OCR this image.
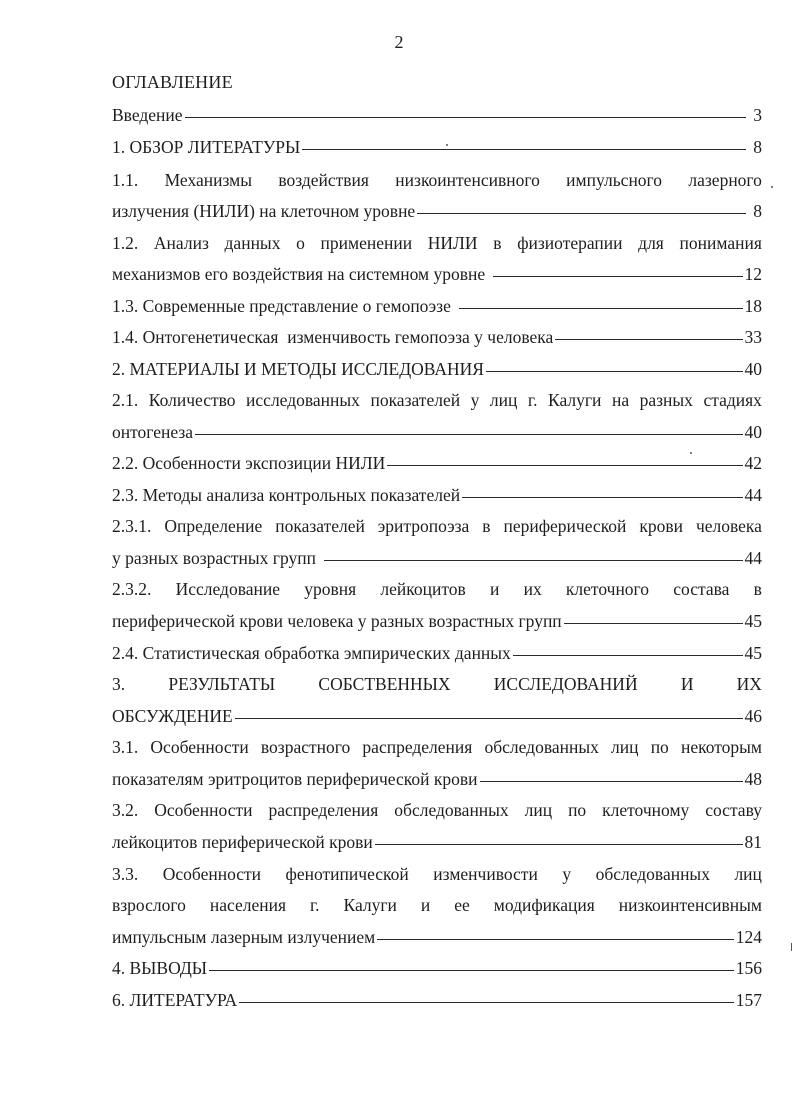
2
ОГЛАВЛЕНИЕ
Введение	3
1. ОБЗОР ЛИТЕРАТУРЫ	8
1.1. Механизмы воздействия низкоинтенсивного импульсного лазерного
излучения (НИЛИ) на клеточном уровне	8
1.2. Анализ данных о применении НИЛИ в физиотерапии для понимания
механизмов его воздействия на системном уровне	12
1.3. Современные представление о гемопоэзе	18
1.4. Онтогенетическая  изменчивость гемопоэза у человека	33
2. МАТЕРИАЛЫ И МЕТОДЫ ИССЛЕДОВАНИЯ	40
2.1. Количество исследованных показателей у лиц г. Калуги на разных стадиях
онтогенеза	40
2.2. Особенности экспозиции НИЛИ	42
2.3. Методы анализа контрольных показателей	44
2.3.1. Определение показателей эритропоэза в периферической крови человека
у разных возрастных групп	44
2.3.2. Исследование уровня лейкоцитов и их клеточного состава в
периферической крови человека у разных возрастных групп	45
2.4. Статистическая обработка эмпирических данных	45
3. РЕЗУЛЬТАТЫ СОБСТВЕННЫХ ИССЛЕДОВАНИЙ И ИХ
ОБСУЖДЕНИЕ	46
3.1. Особенности возрастного распределения обследованных лиц по некоторым
показателям эритроцитов периферической крови	48
3.2. Особенности распределения обследованных лиц по клеточному составу
лейкоцитов периферической крови	81
3.3. Особенности фенотипической изменчивости у обследованных лиц
взрослого населения г. Калуги и ее модификация низкоинтенсивным
импульсным лазерным излучением	124
4. ВЫВОДЫ	156
6. ЛИТЕРАТУРА	157
